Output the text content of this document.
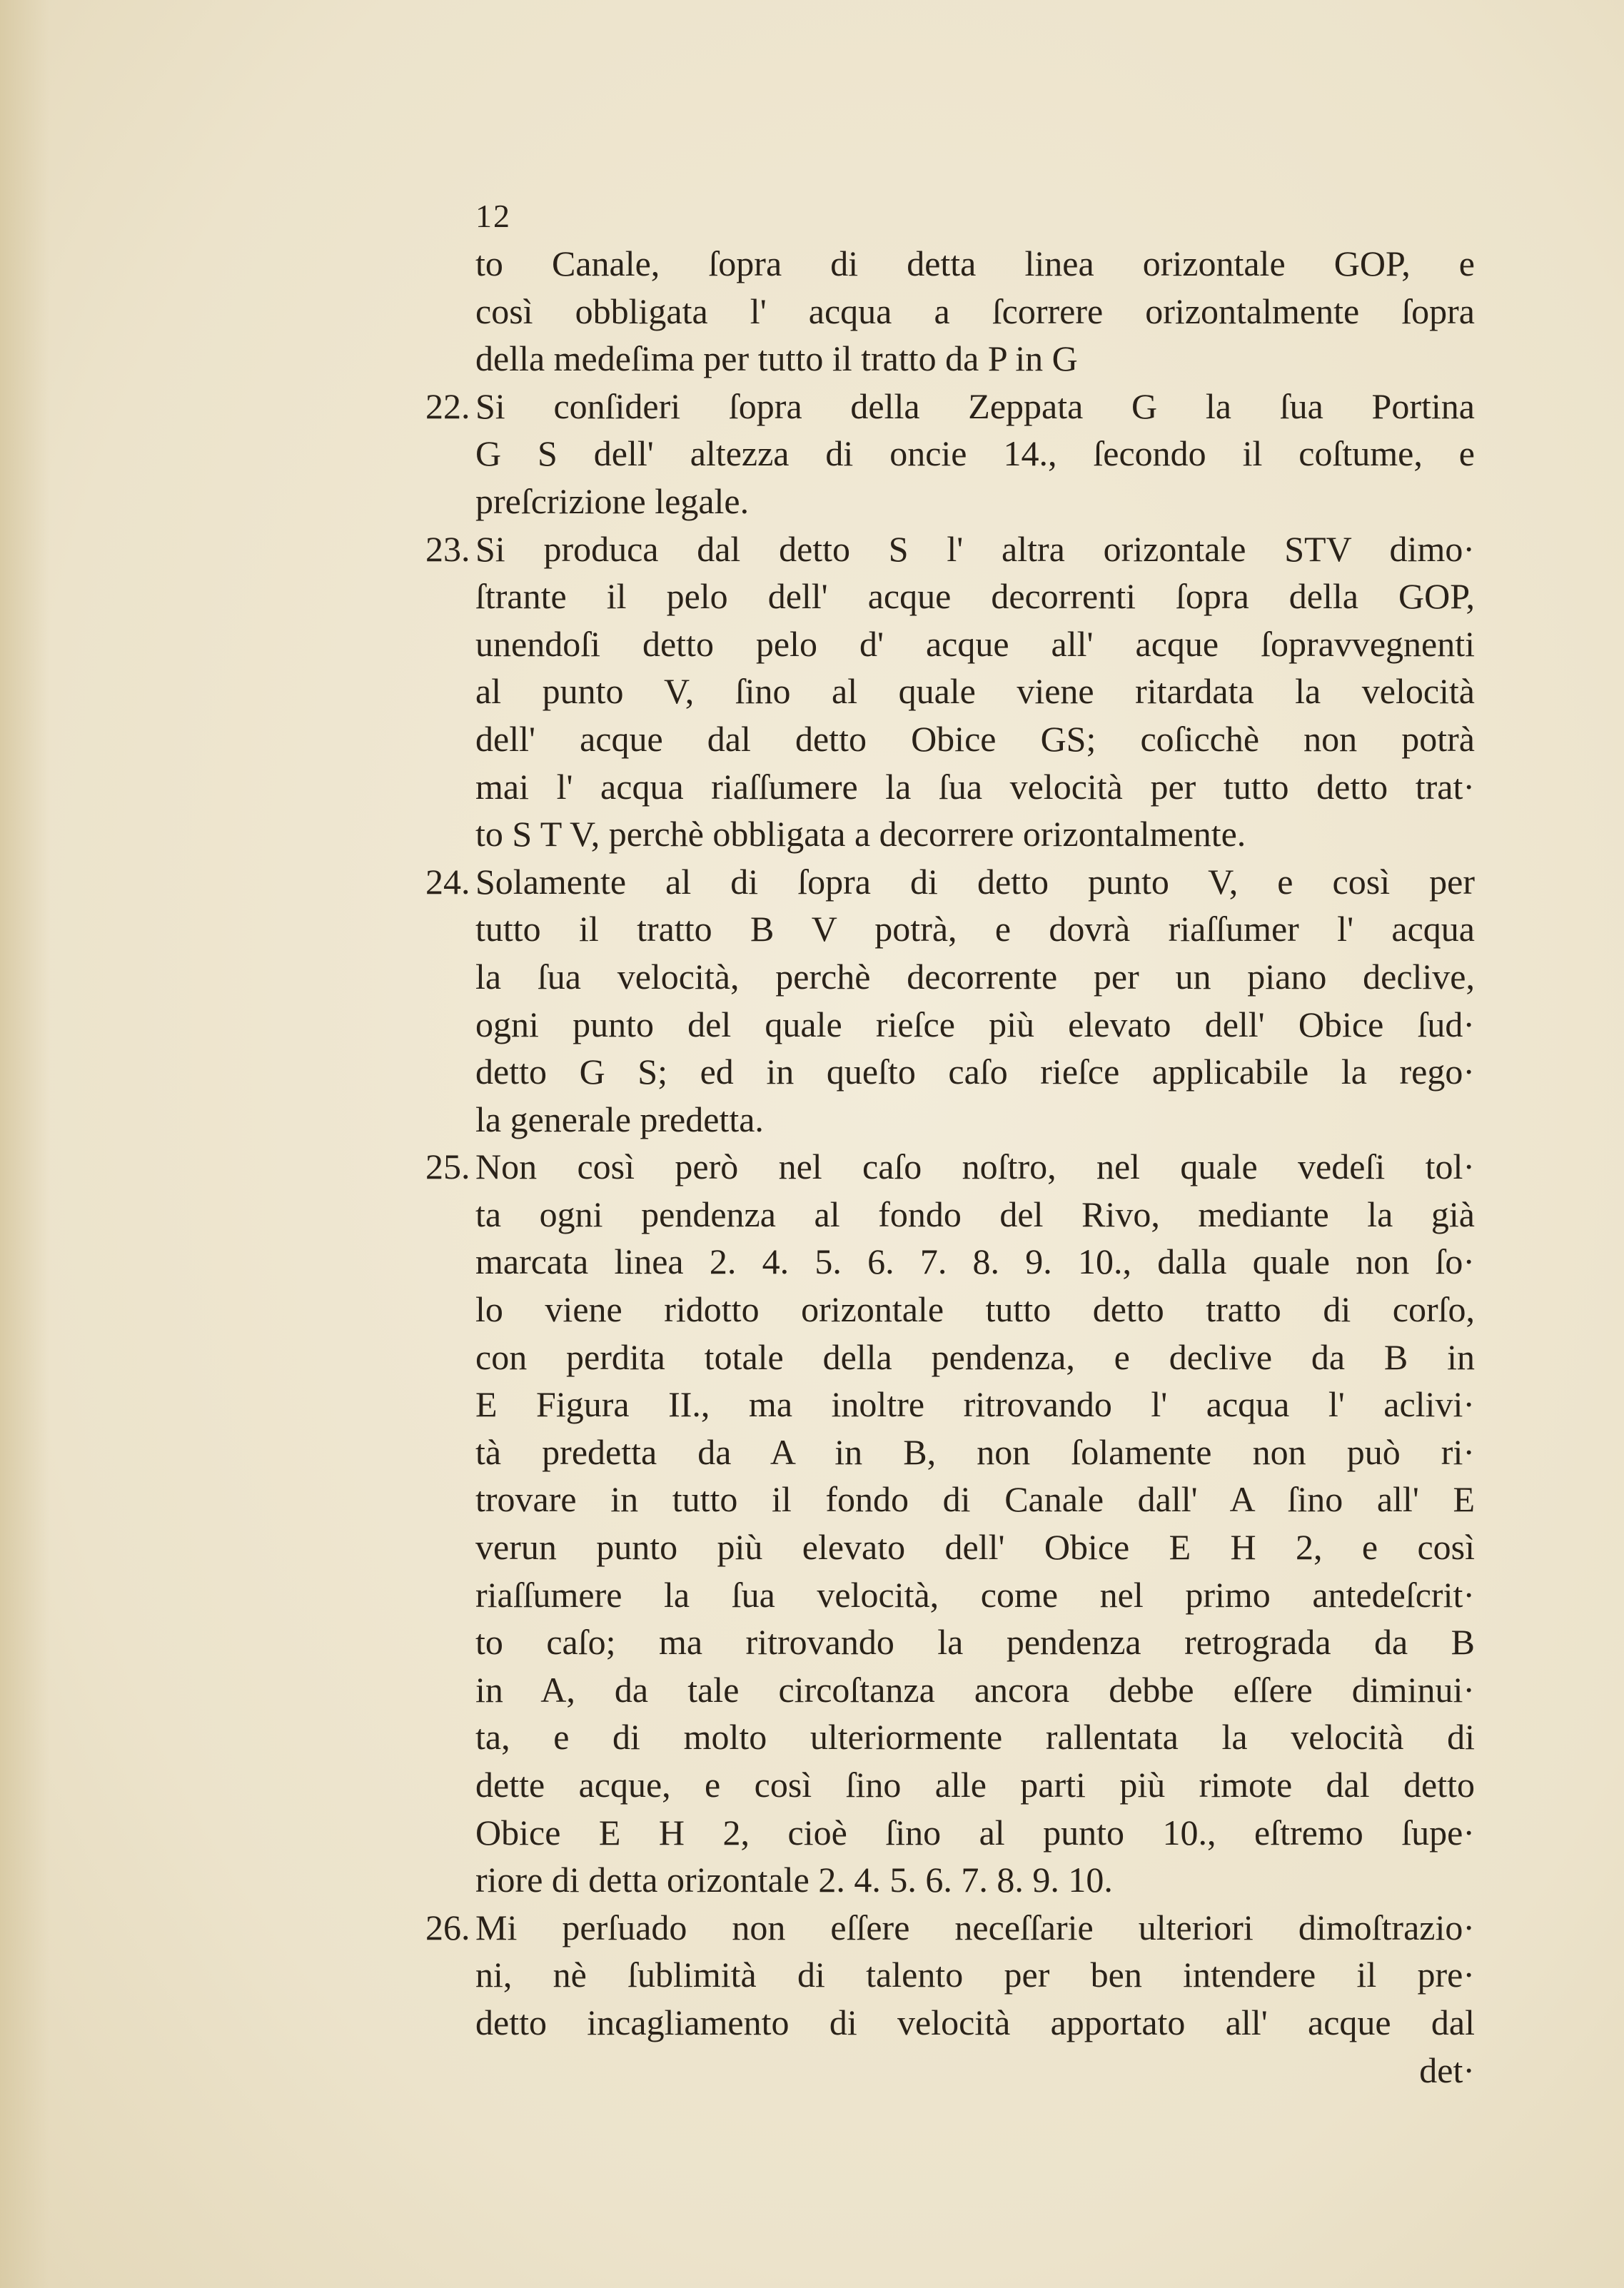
12
to Canale, ſopra di detta linea orizontale GOP, e
così obbligata l' acqua a ſcorrere orizontalmente ſopra
della medeſima per tutto il tratto da P in G
22. Si conſideri ſopra della Zeppata G la ſua Portina
G S dell' altezza di oncie 14., ſecondo il coſtume, e
preſcrizione legale.
23. Si produca dal detto S l' altra orizontale STV dimo·
ſtrante il pelo dell' acque decorrenti ſopra della GOP,
unendoſi detto pelo d' acque all' acque ſopravvegnenti
al punto V, ſino al quale viene ritardata la velocità
dell' acque dal detto Obice GS; coſicchè non potrà
mai l' acqua riaſſumere la ſua velocità per tutto detto trat·
to S T V, perchè obbligata a decorrere orizontalmente.
24. Solamente al di ſopra di detto punto V, e così per
tutto il tratto B V potrà, e dovrà riaſſumer l' acqua
la ſua velocità, perchè decorrente per un piano declive,
ogni punto del quale rieſce più elevato dell' Obice ſud·
detto G S; ed in queſto caſo rieſce applicabile la rego·
la generale predetta.
25. Non così però nel caſo noſtro, nel quale vedeſi tol·
ta ogni pendenza al fondo del Rivo, mediante la già
marcata linea 2. 4. 5. 6. 7. 8. 9. 10., dalla quale non ſo·
lo viene ridotto orizontale tutto detto tratto di corſo,
con perdita totale della pendenza, e declive da B in
E Figura II., ma inoltre ritrovando l' acqua l' aclivi·
tà predetta da A in B, non ſolamente non può ri·
trovare in tutto il fondo di Canale dall' A ſino all' E
verun punto più elevato dell' Obice E H 2, e così
riaſſumere la ſua velocità, come nel primo antedeſcrit·
to caſo; ma ritrovando la pendenza retrograda da B
in A, da tale circoſtanza ancora debbe eſſere diminui·
ta, e di molto ulteriormente rallentata la velocità di
dette acque, e così ſino alle parti più rimote dal detto
Obice E H 2, cioè ſino al punto 10., eſtremo ſupe·
riore di detta orizontale 2. 4. 5. 6. 7. 8. 9. 10.
26. Mi perſuado non eſſere neceſſarie ulteriori dimoſtrazio·
ni, nè ſublimità di talento per ben intendere il pre·
detto incagliamento di velocità apportato all' acque dal
det·
